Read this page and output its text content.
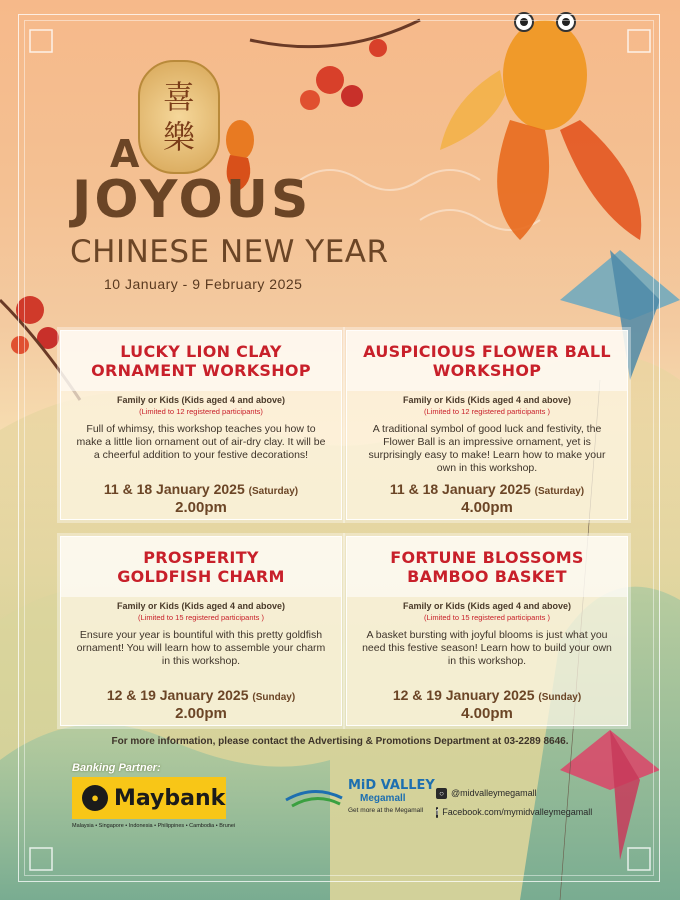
喜
樂
A
JOYOUS
CHINESE NEW YEAR
10 January - 9 February 2025
LUCKY LION CLAY
ORNAMENT WORKSHOP
Family or Kids (Kids aged 4 and above)
(Limited to 12 registered participants)
Full of whimsy, this workshop teaches you how to make a little lion ornament out of air-dry clay. It will be a cheerful addition to your festive decorations!
11 & 18 January 2025 (Saturday)
2.00pm
AUSPICIOUS FLOWER BALL
WORKSHOP
Family or Kids (Kids aged 4 and above)
(Limited to 12 registered participants )
A traditional symbol of good luck and festivity, the Flower Ball is an impressive ornament, yet is surprisingly easy to make! Learn how to make your own in this workshop.
11 & 18 January 2025 (Saturday)
4.00pm
PROSPERITY
GOLDFISH CHARM
Family or Kids (Kids aged 4 and above)
(Limited to 15 registered participants )
Ensure your year is bountiful with this pretty goldfish ornament! You will learn how to assemble your charm in this workshop.
12 & 19 January 2025 (Sunday)
2.00pm
FORTUNE BLOSSOMS
BAMBOO BASKET
Family or Kids (Kids aged 4 and above)
(Limited to 15 registered participants )
A basket bursting with joyful blooms is just what you need this festive season! Learn how to build your own in this workshop.
12 & 19 January 2025 (Sunday)
4.00pm
For more information, please contact the Advertising & Promotions Department at 03-2289 8646.
Banking Partner:
● Maybank
Malaysia • Singapore • Indonesia • Philippines • Cambodia • Brunei
MiD VALLEY
Megamall
Get more at the Megamall
○ @midvalleymegamall
f Facebook.com/mymidvalleymegamall
